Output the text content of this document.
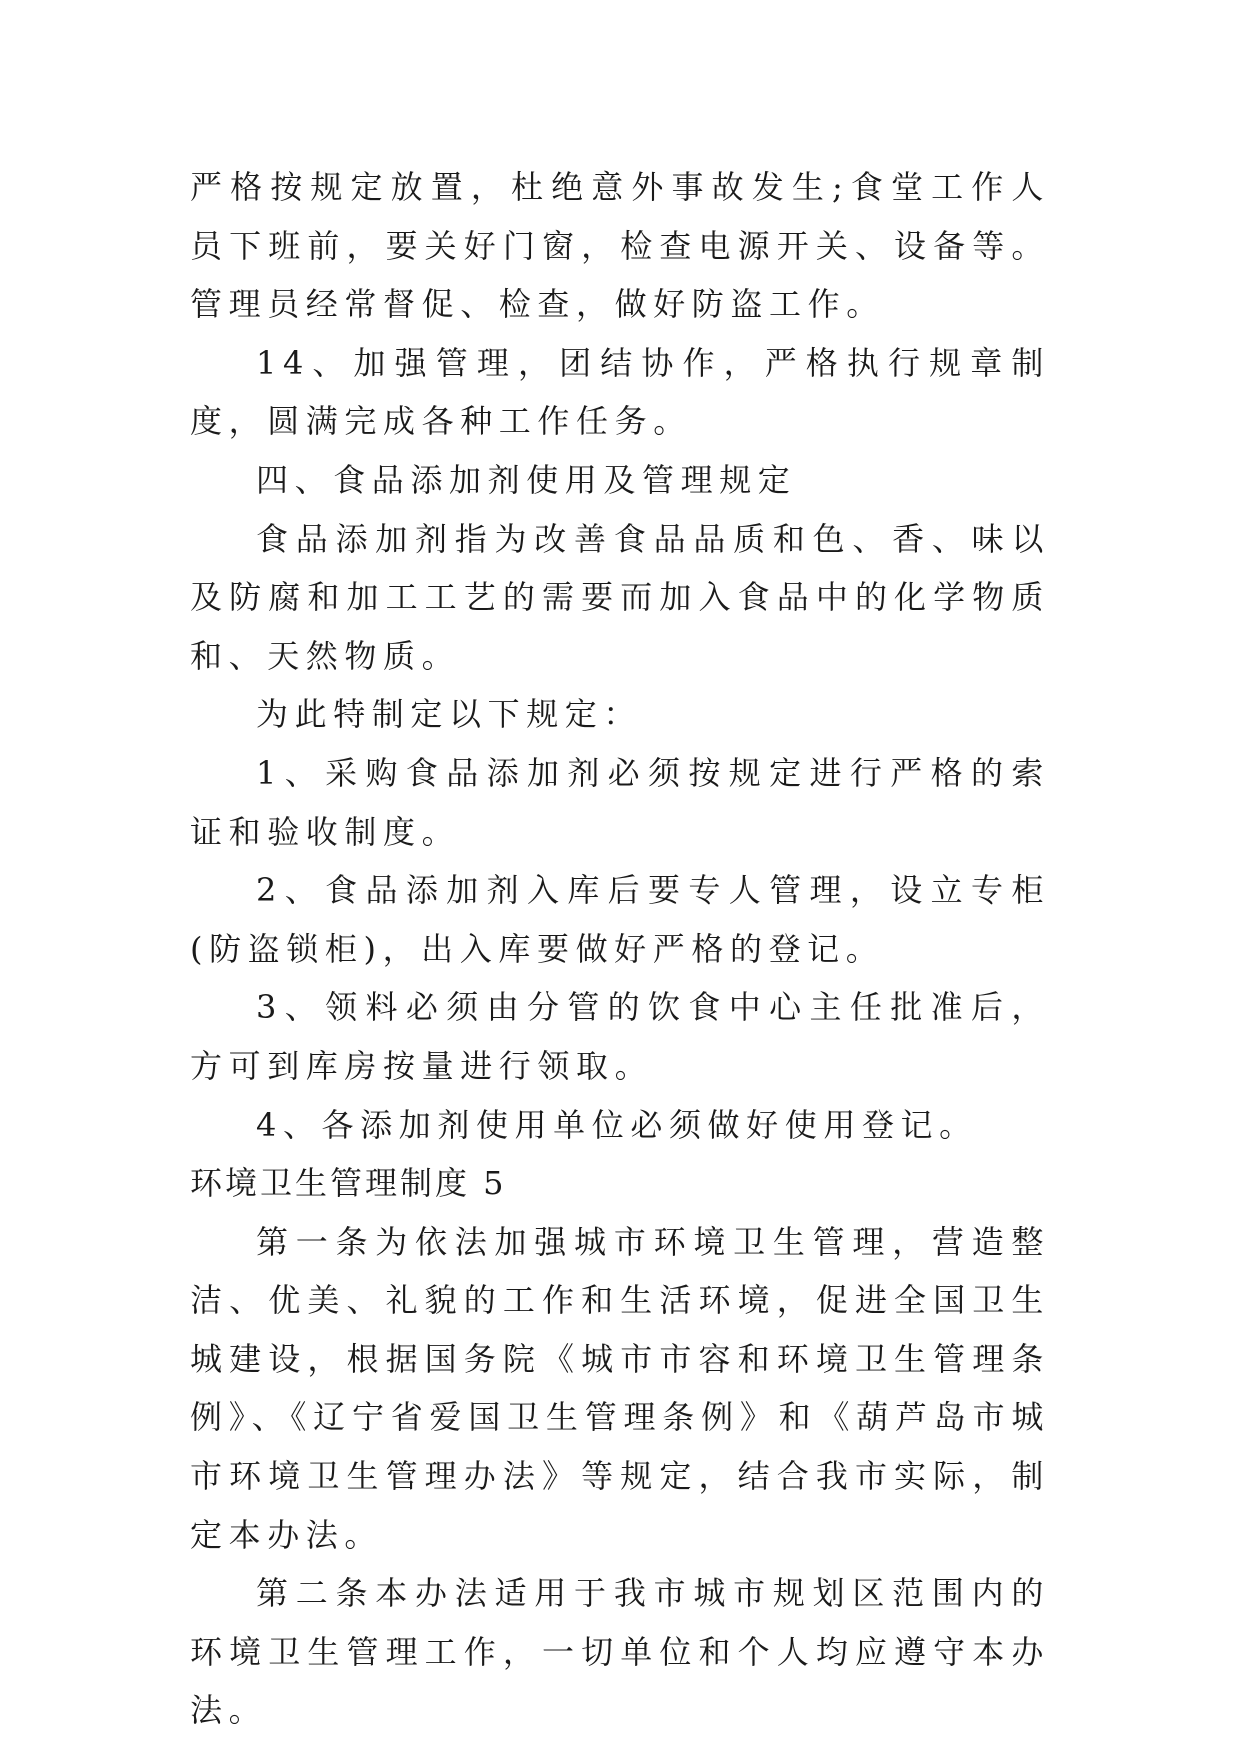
严格按规定放置，杜绝意外事故发生;食堂工作人员下班前，要关好门窗，检查电源开关、设备等。管理员经常督促、检查，做好防盗工作。

14、加强管理，团结协作，严格执行规章制度，圆满完成各种工作任务。

四、食品添加剂使用及管理规定

食品添加剂指为改善食品品质和色、香、味以及防腐和加工工艺的需要而加入食品中的化学物质和、天然物质。

为此特制定以下规定：

1、采购食品添加剂必须按规定进行严格的索证和验收制度。

2、食品添加剂入库后要专人管理，设立专柜(防盗锁柜)，出入库要做好严格的登记。

3、领料必须由分管的饮食中心主任批准后，方可到库房按量进行领取。

4、各添加剂使用单位必须做好使用登记。

环境卫生管理制度 5

第一条为依法加强城市环境卫生管理，营造整洁、优美、礼貌的工作和生活环境，促进全国卫生城建设，根据国务院《城市市容和环境卫生管理条例》、《辽宁省爱国卫生管理条例》和《葫芦岛市城市环境卫生管理办法》等规定，结合我市实际，制定本办法。

第二条本办法适用于我市城市规划区范围内的环境卫生管理工作，一切单位和个人均应遵守本办法。
